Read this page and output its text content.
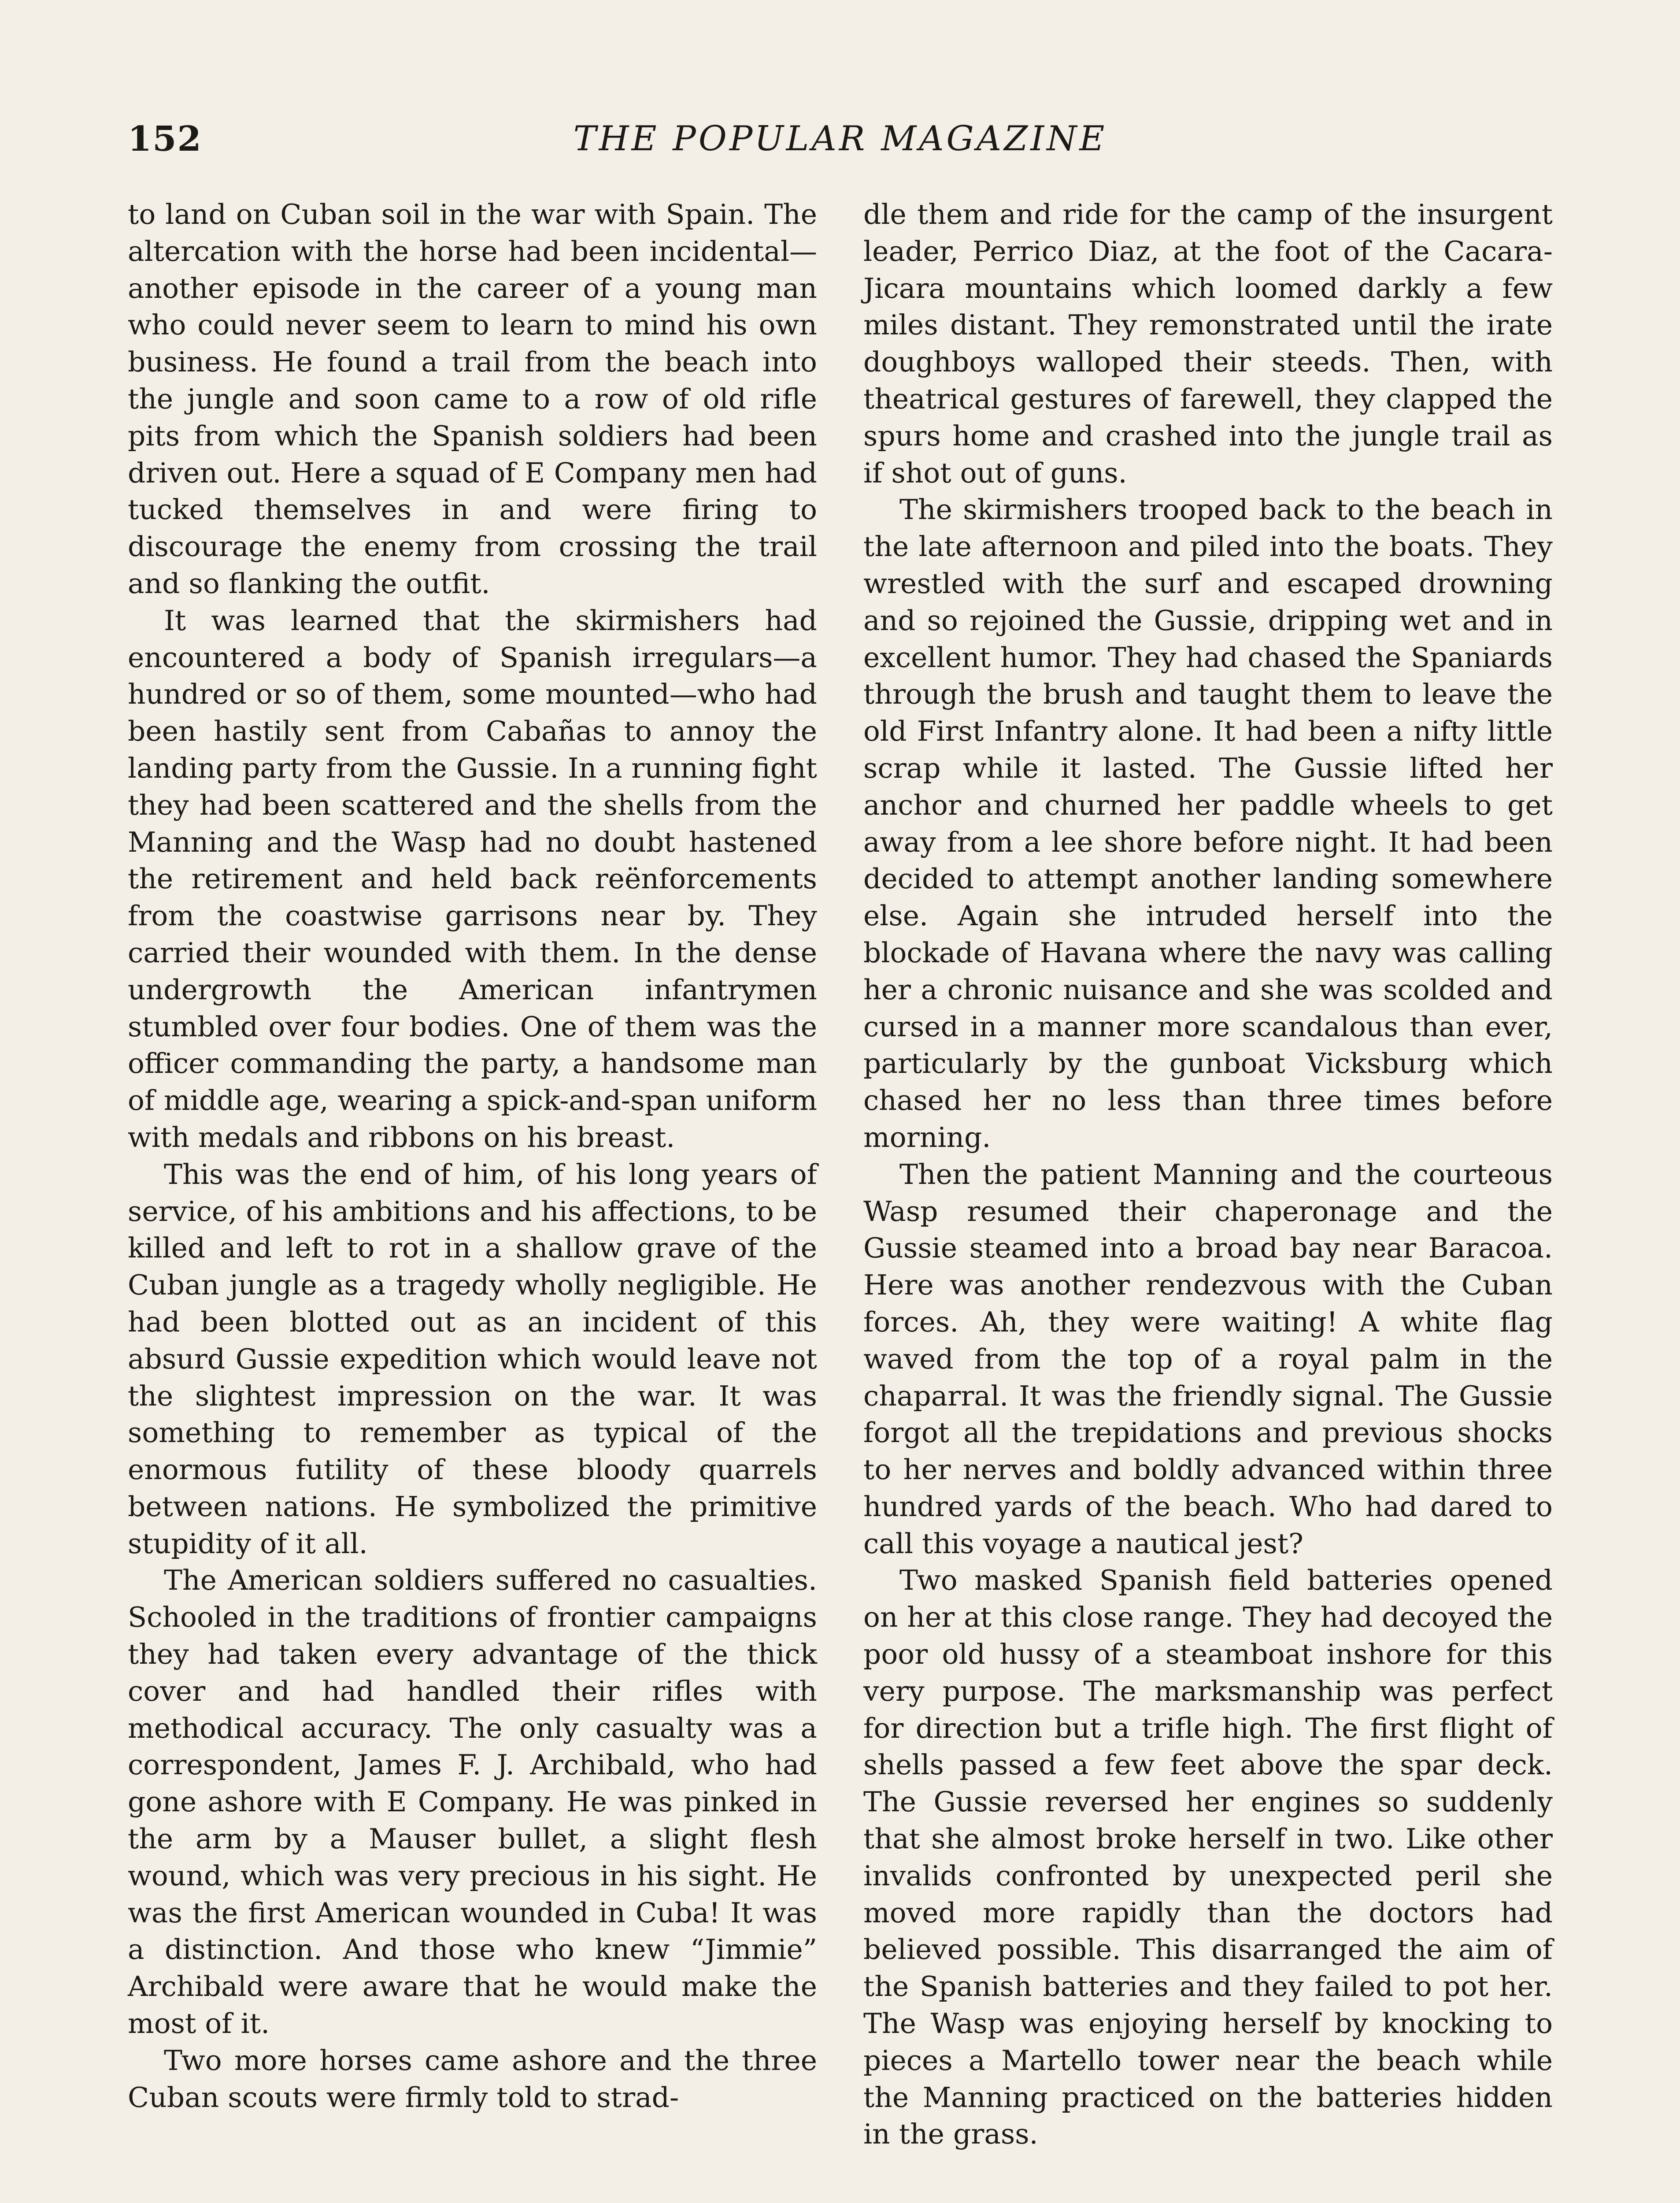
152	THE POPULAR MAGAZINE

to land on Cuban soil in the war with Spain. The altercation with the horse had been incidental—another episode in the career of a young man who could never seem to learn to mind his own business. He found a trail from the beach into the jungle and soon came to a row of old rifle pits from which the Spanish soldiers had been driven out. Here a squad of E Company men had tucked themselves in and were firing to discourage the enemy from crossing the trail and so flanking the outfit.

It was learned that the skirmishers had encountered a body of Spanish irregulars—a hundred or so of them, some mounted—who had been hastily sent from Cabañas to annoy the landing party from the Gussie. In a running fight they had been scattered and the shells from the Manning and the Wasp had no doubt hastened the retirement and held back reënforcements from the coastwise garrisons near by. They carried their wounded with them. In the dense undergrowth the American infantrymen stumbled over four bodies. One of them was the officer commanding the party, a handsome man of middle age, wearing a spick-and-span uniform with medals and ribbons on his breast.

This was the end of him, of his long years of service, of his ambitions and his affections, to be killed and left to rot in a shallow grave of the Cuban jungle as a tragedy wholly negligible. He had been blotted out as an incident of this absurd Gussie expedition which would leave not the slightest impression on the war. It was something to remember as typical of the enormous futility of these bloody quarrels between nations. He symbolized the primitive stupidity of it all.

The American soldiers suffered no casualties. Schooled in the traditions of frontier campaigns they had taken every advantage of the thick cover and had handled their rifles with methodical accuracy. The only casualty was a correspondent, James F. J. Archibald, who had gone ashore with E Company. He was pinked in the arm by a Mauser bullet, a slight flesh wound, which was very precious in his sight. He was the first American wounded in Cuba! It was a distinction. And those who knew “Jimmie” Archibald were aware that he would make the most of it.

Two more horses came ashore and the three Cuban scouts were firmly told to strad-

dle them and ride for the camp of the insurgent leader, Perrico Diaz, at the foot of the Cacara-Jicara mountains which loomed darkly a few miles distant. They remonstrated until the irate doughboys walloped their steeds. Then, with theatrical gestures of farewell, they clapped the spurs home and crashed into the jungle trail as if shot out of guns.

The skirmishers trooped back to the beach in the late afternoon and piled into the boats. They wrestled with the surf and escaped drowning and so rejoined the Gussie, dripping wet and in excellent humor. They had chased the Spaniards through the brush and taught them to leave the old First Infantry alone. It had been a nifty little scrap while it lasted. The Gussie lifted her anchor and churned her paddle wheels to get away from a lee shore before night. It had been decided to attempt another landing somewhere else. Again she intruded herself into the blockade of Havana where the navy was calling her a chronic nuisance and she was scolded and cursed in a manner more scandalous than ever, particularly by the gunboat Vicksburg which chased her no less than three times before morning.

Then the patient Manning and the courteous Wasp resumed their chaperonage and the Gussie steamed into a broad bay near Baracoa. Here was another rendezvous with the Cuban forces. Ah, they were waiting! A white flag waved from the top of a royal palm in the chaparral. It was the friendly signal. The Gussie forgot all the trepidations and previous shocks to her nerves and boldly advanced within three hundred yards of the beach. Who had dared to call this voyage a nautical jest?

Two masked Spanish field batteries opened on her at this close range. They had decoyed the poor old hussy of a steamboat inshore for this very purpose. The marksmanship was perfect for direction but a trifle high. The first flight of shells passed a few feet above the spar deck. The Gussie reversed her engines so suddenly that she almost broke herself in two. Like other invalids confronted by unexpected peril she moved more rapidly than the doctors had believed possible. This disarranged the aim of the Spanish batteries and they failed to pot her. The Wasp was enjoying herself by knocking to pieces a Martello tower near the beach while the Manning practiced on the batteries hidden in the grass.
